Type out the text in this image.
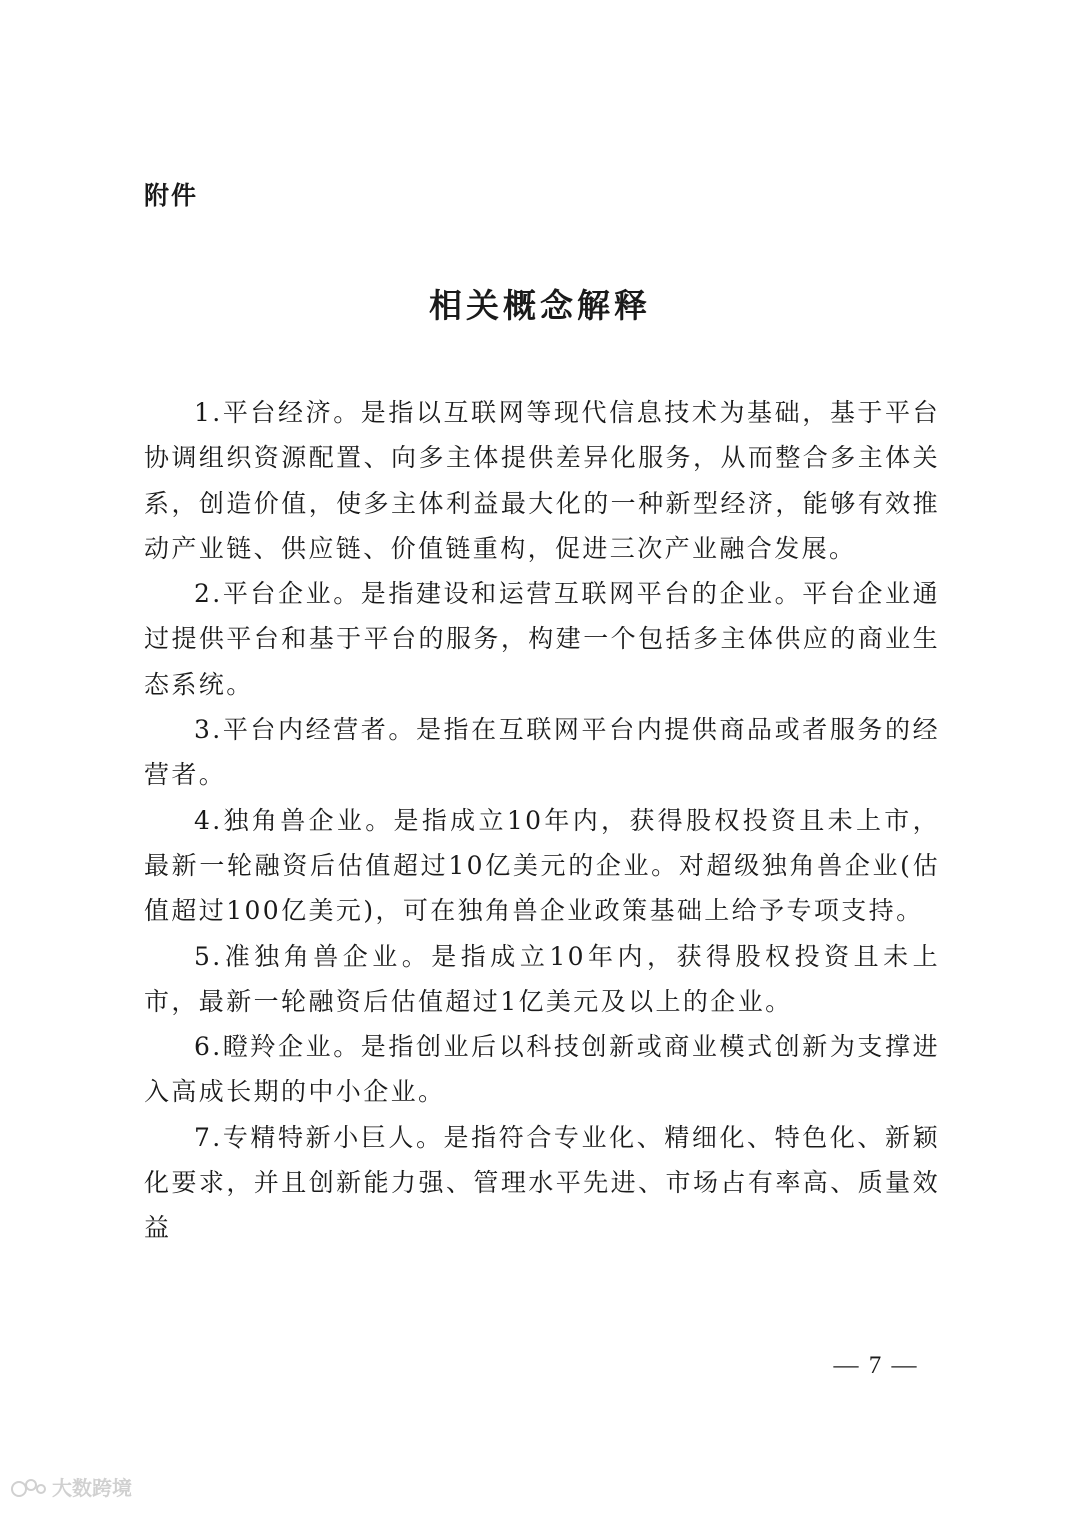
附件
相关概念解释

1.平台经济。是指以互联网等现代信息技术为基础，基于平台协调组织资源配置、向多主体提供差异化服务，从而整合多主体关系，创造价值，使多主体利益最大化的一种新型经济，能够有效推动产业链、供应链、价值链重构，促进三次产业融合发展。

2.平台企业。是指建设和运营互联网平台的企业。平台企业通过提供平台和基于平台的服务，构建一个包括多主体供应的商业生态系统。

3.平台内经营者。是指在互联网平台内提供商品或者服务的经营者。

4.独角兽企业。是指成立10年内，获得股权投资且未上市，最新一轮融资后估值超过10亿美元的企业。对超级独角兽企业(估值超过100亿美元)，可在独角兽企业政策基础上给予专项支持。

5.准独角兽企业。是指成立10年内，获得股权投资且未上市，最新一轮融资后估值超过1亿美元及以上的企业。

6.瞪羚企业。是指创业后以科技创新或商业模式创新为支撑进入高成长期的中小企业。

7.专精特新小巨人。是指符合专业化、精细化、特色化、新颖化要求，并且创新能力强、管理水平先进、市场占有率高、质量效益

— 7 —
大数跨境
